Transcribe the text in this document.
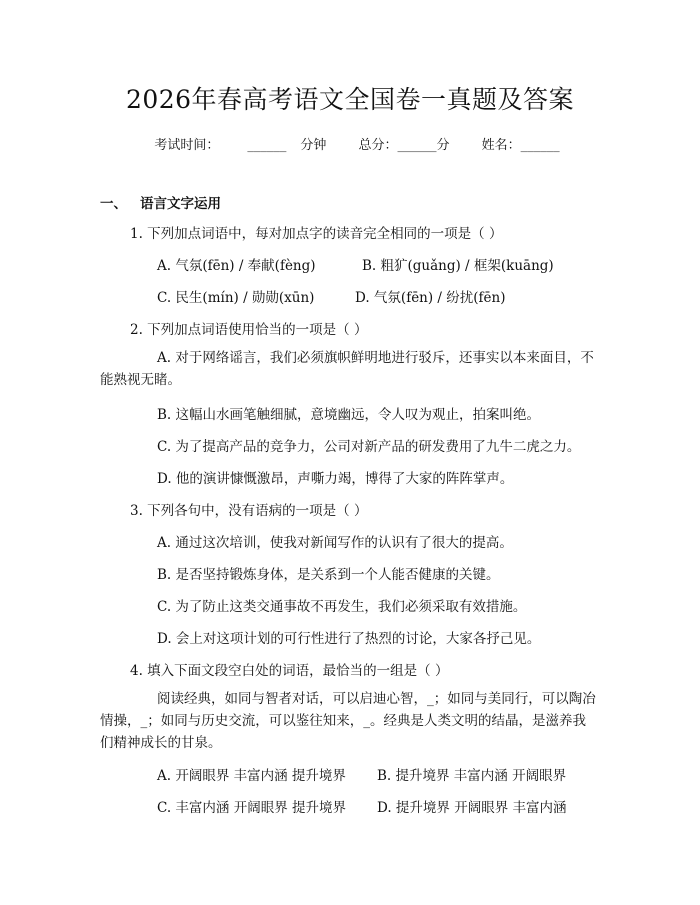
2026年春高考语文全国卷一真题及答案
考试时间： ______ 分钟 总分：______分 姓名：______
一、 语言文字运用
1. 下列加点词语中，每对加点字的读音完全相同的一项是（ ）
A. 气氛(fēn) / 奉献(fèng)	B. 粗犷(guǎng) / 框架(kuāng)
C. 民生(mín) / 勋勋(xūn)	D. 气氛(fēn) / 纷扰(fēn)
2. 下列加点词语使用恰当的一项是（ ）
A. 对于网络谣言，我们必须旗帜鲜明地进行驳斥，还事实以本来面目，不能熟视无睹。
B. 这幅山水画笔触细腻，意境幽远，令人叹为观止，拍案叫绝。
C. 为了提高产品的竞争力，公司对新产品的研发费用了九牛二虎之力。
D. 他的演讲慷慨激昂，声嘶力竭，博得了大家的阵阵掌声。
3. 下列各句中，没有语病的一项是（ ）
A. 通过这次培训，使我对新闻写作的认识有了很大的提高。
B. 是否坚持锻炼身体，是关系到一个人能否健康的关键。
C. 为了防止这类交通事故不再发生，我们必须采取有效措施。
D. 会上对这项计划的可行性进行了热烈的讨论，大家各抒己见。
4. 填入下面文段空白处的词语，最恰当的一组是（ ）
阅读经典，如同与智者对话，可以启迪心智，_；如同与美同行，可以陶冶情操，_；如同与历史交流，可以鉴往知来，_。经典是人类文明的结晶，是滋养我们精神成长的甘泉。
A. 开阔眼界 丰富内涵 提升境界 B. 提升境界 丰富内涵 开阔眼界
C. 丰富内涵 开阔眼界 提升境界 D. 提升境界 开阔眼界 丰富内涵
